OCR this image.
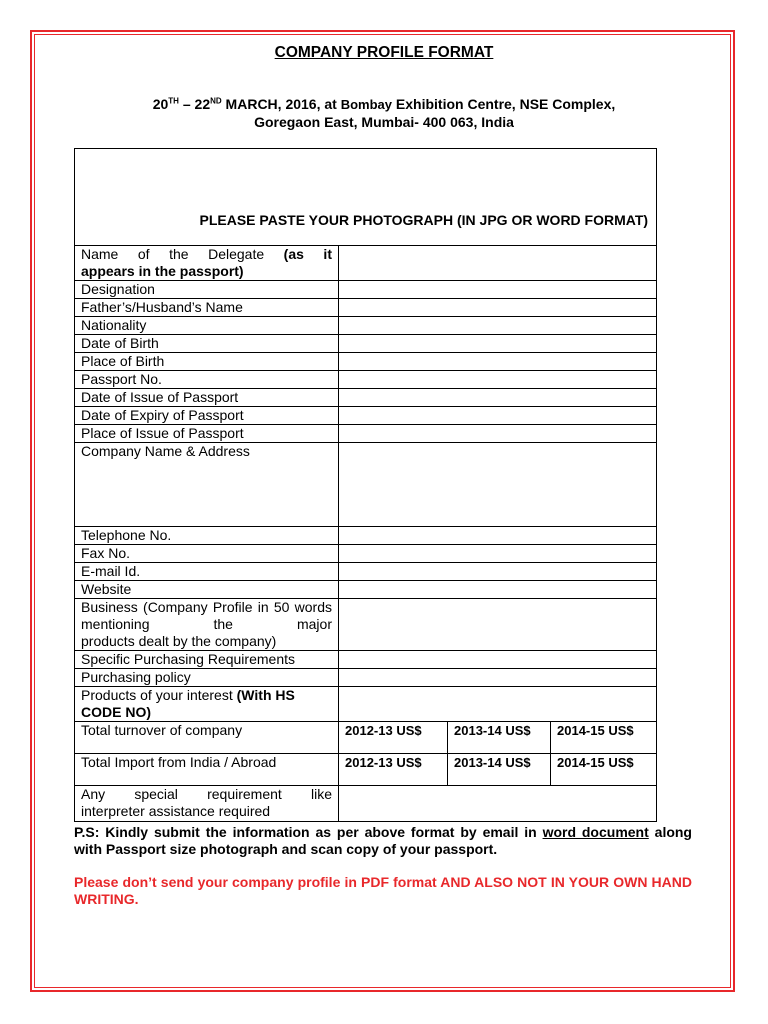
COMPANY PROFILE FORMAT
20TH – 22ND MARCH, 2016, at Bombay Exhibition Centre, NSE Complex,
Goregaon East, Mumbai- 400 063, India
PLEASE PASTE YOUR PHOTOGRAPH (IN JPG OR WORD FORMAT)			

Name of the Delegate (as it
appears in the passport)			
Designation			
Father’s/Husband’s Name			
Nationality			
Date of Birth			
Place of Birth			
Passport No.			
Date of Issue of Passport			
Date of Expiry of Passport			
Place of Issue of Passport			
Company Name & Address			
Telephone No.			
Fax No.			
E-mail Id.			
Website			

Business (Company Profile in 50 words mentioning the major
products dealt by the company)			

Specific Purchasing Requirements			
Purchasing policy			
Products of your interest (With HS
CODE NO)			
Total turnover of company	2012-13 US$	2013-14 US$	2014-15 US$
Total Import from India / Abroad	2012-13 US$	2013-14 US$	2014-15 US$

Any special requirement like
interpreter assistance required			

P.S: Kindly submit the information as per above format by email in word document along with Passport size photograph and scan copy of your passport.
Please don’t send your company profile in PDF format AND ALSO NOT IN YOUR OWN HAND WRITING.
